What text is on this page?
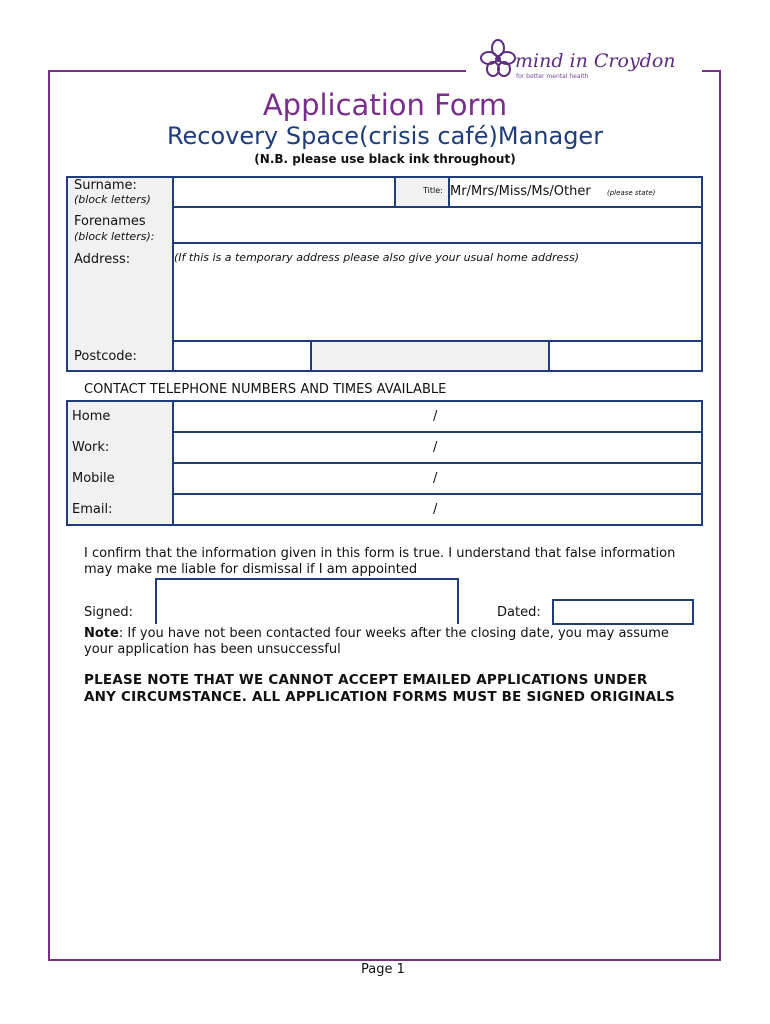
mind in Croydon
for better mental health
Application Form
Recovery Space(crisis café)Manager
(N.B. please use black ink throughout)
Surname:
(block letters)
Title: Mr/Mrs/Miss/Ms/Other (please state)
Forenames
(block letters):
Address:	(If this is a temporary address please also give your usual home address)
Postcode:
CONTACT TELEPHONE NUMBERS AND TIMES AVAILABLE
Home
Work:
Mobile
Email:
/
/
/
/
I confirm that the information given in this form is true. I understand that false information may make me liable for dismissal if I am appointed
Signed:	Dated:
Note: If you have not been contacted four weeks after the closing date, you may assume your application has been unsuccessful
PLEASE NOTE THAT WE CANNOT ACCEPT EMAILED APPLICATIONS UNDER ANY CIRCUMSTANCE. ALL APPLICATION FORMS MUST BE SIGNED ORIGINALS
Page 1
